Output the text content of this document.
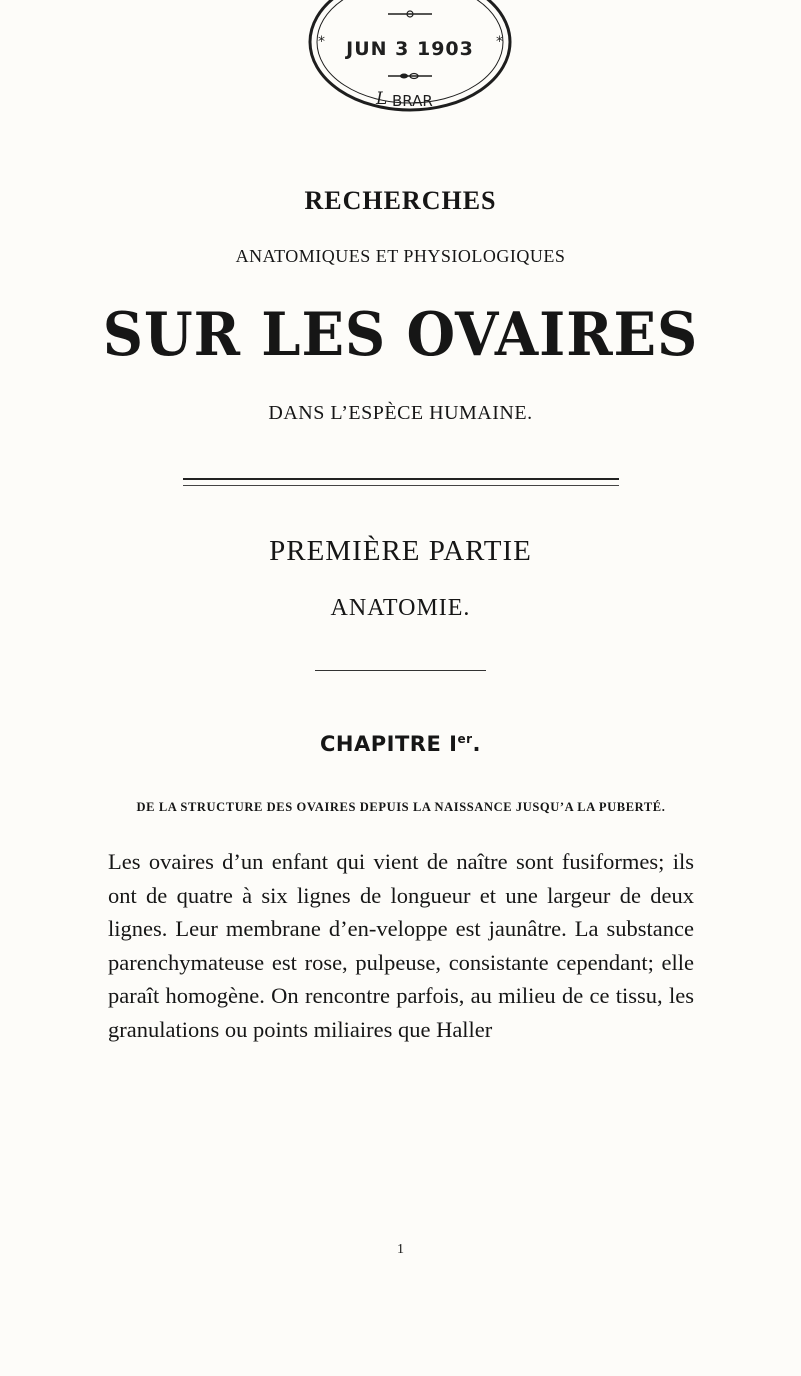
*	*
L BRAR
JUN 3 1903
RECHERCHES
ANATOMIQUES ET PHYSIOLOGIQUES
SUR LES OVAIRES
DANS L’ESPÈCE HUMAINE.
PREMIÈRE PARTIE
ANATOMIE.
CHAPITRE Ier.
DE LA STRUCTURE DES OVAIRES DEPUIS LA NAISSANCE JUSQU’A LA PUBERTÉ.
Les ovaires d’un enfant qui vient de naître sont fusiformes; ils ont de quatre à six lignes de longueur et une largeur de deux lignes. Leur membrane d’en-veloppe est jaunâtre. La substance parenchymateuse est rose, pulpeuse, consistante cependant; elle paraît homogène. On rencontre parfois, au milieu de ce tissu, les granulations ou points miliaires que Haller
1
